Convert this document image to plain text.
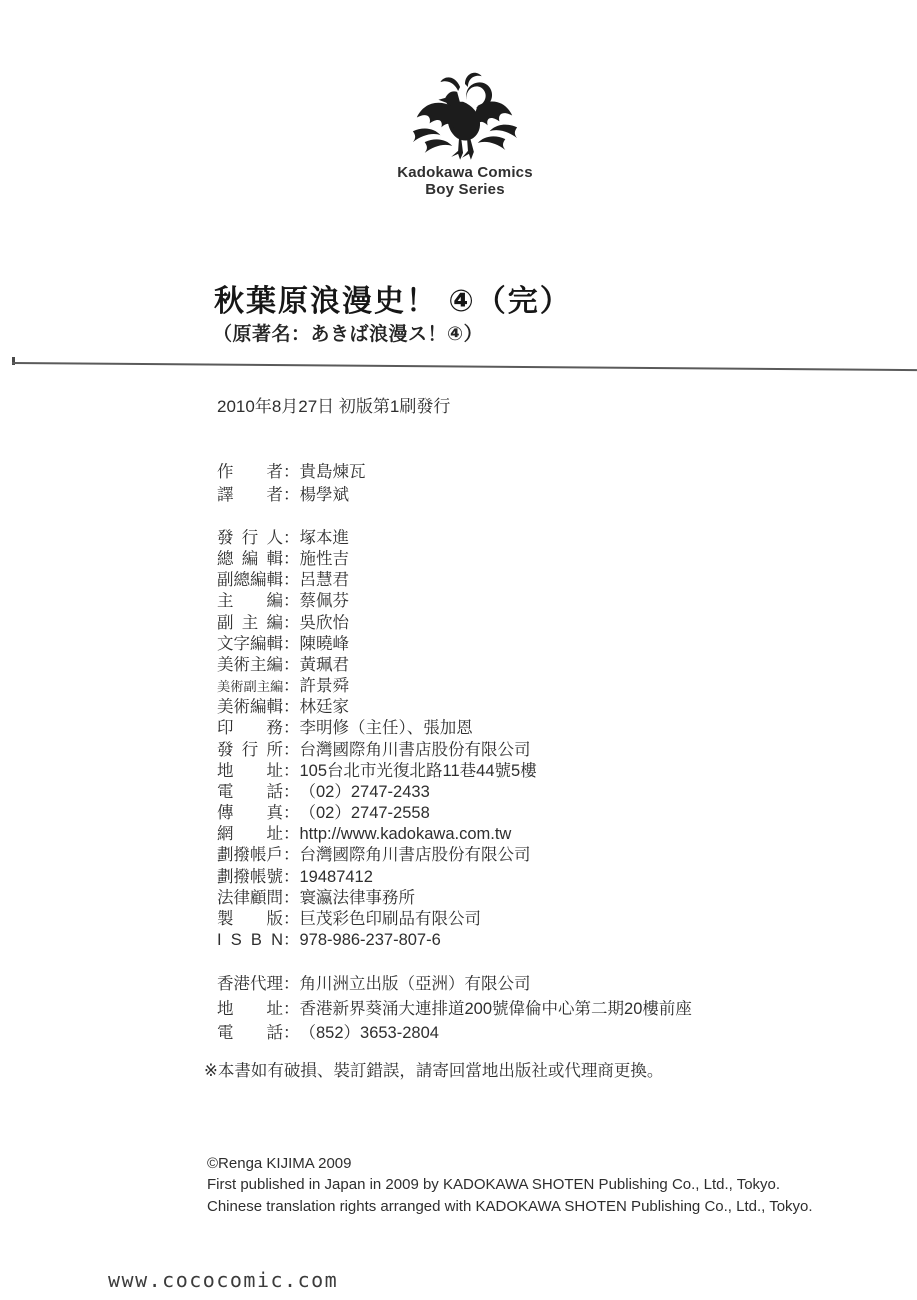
Kadokawa Comics
Boy Series
秋葉原浪漫史！ ④（完）
（原著名：あきば浪漫ス！④）
2010年8月27日 初版第1刷發行
作者：貴島煉瓦
譯者：楊學斌
發行人：塚本進
總編輯：施性吉
副總編輯：呂慧君
主編：蔡佩芬
副主編：吳欣怡
文字編輯：陳曉峰
美術主編：黃珮君
美術副主編：許景舜
美術編輯：林廷家
印務：李明修（主任）、張加恩
發行所：台灣國際角川書店股份有限公司
地址：105台北市光復北路11巷44號5樓
電話：（02）2747-2433
傳真：（02）2747-2558
網址：http://www.kadokawa.com.tw
劃撥帳戶：台灣國際角川書店股份有限公司
劃撥帳號：19487412
法律顧問：寰瀛法律事務所
製版：巨茂彩色印刷品有限公司
I S B N：978-986-237-807-6
香港代理：角川洲立出版（亞洲）有限公司
地址：香港新界葵涌大連排道200號偉倫中心第二期20樓前座
電話：（852）3653-2804
※本書如有破損、裝訂錯誤，請寄回當地出版社或代理商更換。
©Renga KIJIMA 2009
First published in Japan in 2009 by KADOKAWA SHOTEN Publishing Co., Ltd., Tokyo.
Chinese translation rights arranged with KADOKAWA SHOTEN Publishing Co., Ltd., Tokyo.
www.cococomic.com
